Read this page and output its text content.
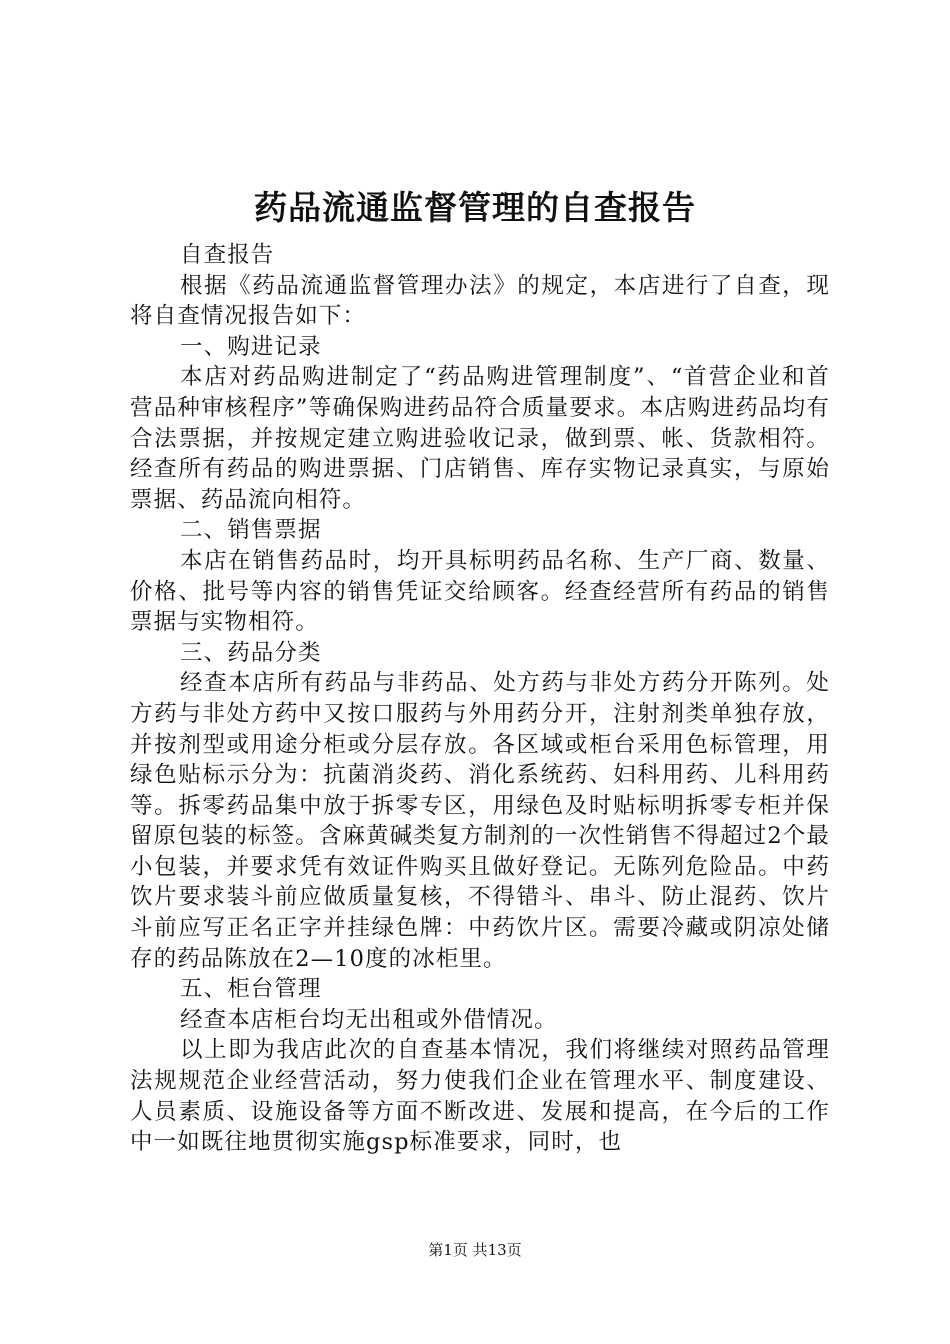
药品流通监督管理的自查报告

自查报告

根据《药品流通监督管理办法》的规定，本店进行了自查，现将自查情况报告如下：

一、购进记录

本店对药品购进制定了“药品购进管理制度”、“首营企业和首营品种审核程序”等确保购进药品符合质量要求。本店购进药品均有合法票据，并按规定建立购进验收记录，做到票、帐、货款相符。经查所有药品的购进票据、门店销售、库存实物记录真实，与原始票据、药品流向相符。

二、销售票据

本店在销售药品时，均开具标明药品名称、生产厂商、数量、价格、批号等内容的销售凭证交给顾客。经查经营所有药品的销售票据与实物相符。

三、药品分类

经查本店所有药品与非药品、处方药与非处方药分开陈列。处方药与非处方药中又按口服药与外用药分开，注射剂类单独存放，并按剂型或用途分柜或分层存放。各区域或柜台采用色标管理，用绿色贴标示分为：抗菌消炎药、消化系统药、妇科用药、儿科用药等。拆零药品集中放于拆零专区，用绿色及时贴标明拆零专柜并保留原包装的标签。含麻黄碱类复方制剂的一次性销售不得超过2个最小包装，并要求凭有效证件购买且做好登记。无陈列危险品。中药饮片要求装斗前应做质量复核，不得错斗、串斗、防止混药、饮片斗前应写正名正字并挂绿色牌：中药饮片区。需要冷藏或阴凉处储存的药品陈放在2—10度的冰柜里。

五、柜台管理

经查本店柜台均无出租或外借情况。

以上即为我店此次的自查基本情况，我们将继续对照药品管理法规规范企业经营活动，努力使我们企业在管理水平、制度建设、人员素质、设施设备等方面不断改进、发展和提高，在今后的工作中一如既往地贯彻实施gsp标准要求，同时，也

第1页 共13页
